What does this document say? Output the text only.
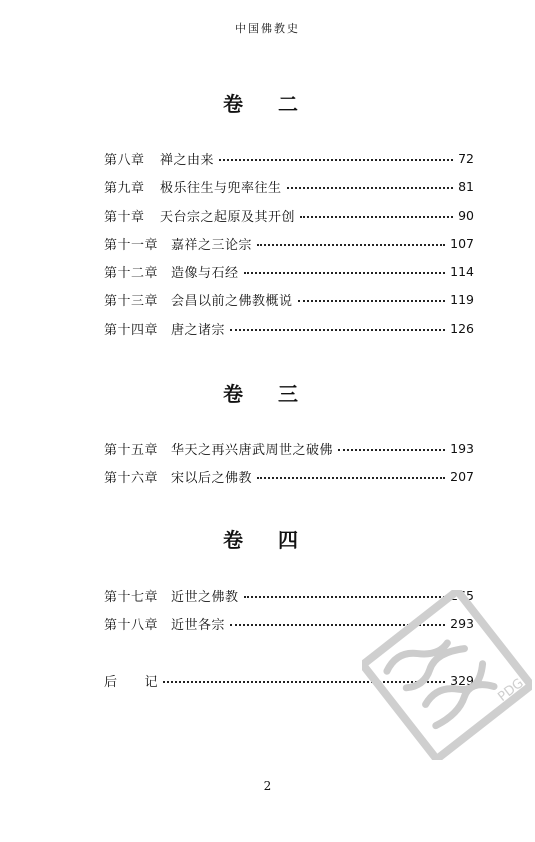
中国佛教史
卷 二
第八章	禅之由来	72
第九章	极乐往生与兜率往生	81
第十章	天台宗之起原及其开创	90
第十一章 嘉祥之三论宗	107
第十二章 造像与石经	114
第十三章 会昌以前之佛教概说	119
第十四章 唐之诸宗	126
卷 三
第十五章 华天之再兴唐武周世之破佛	193
第十六章 宋以后之佛教	207
卷 四
第十七章 近世之佛教	265
第十八章 近世各宗	293
后　　记	329 PDG
2
